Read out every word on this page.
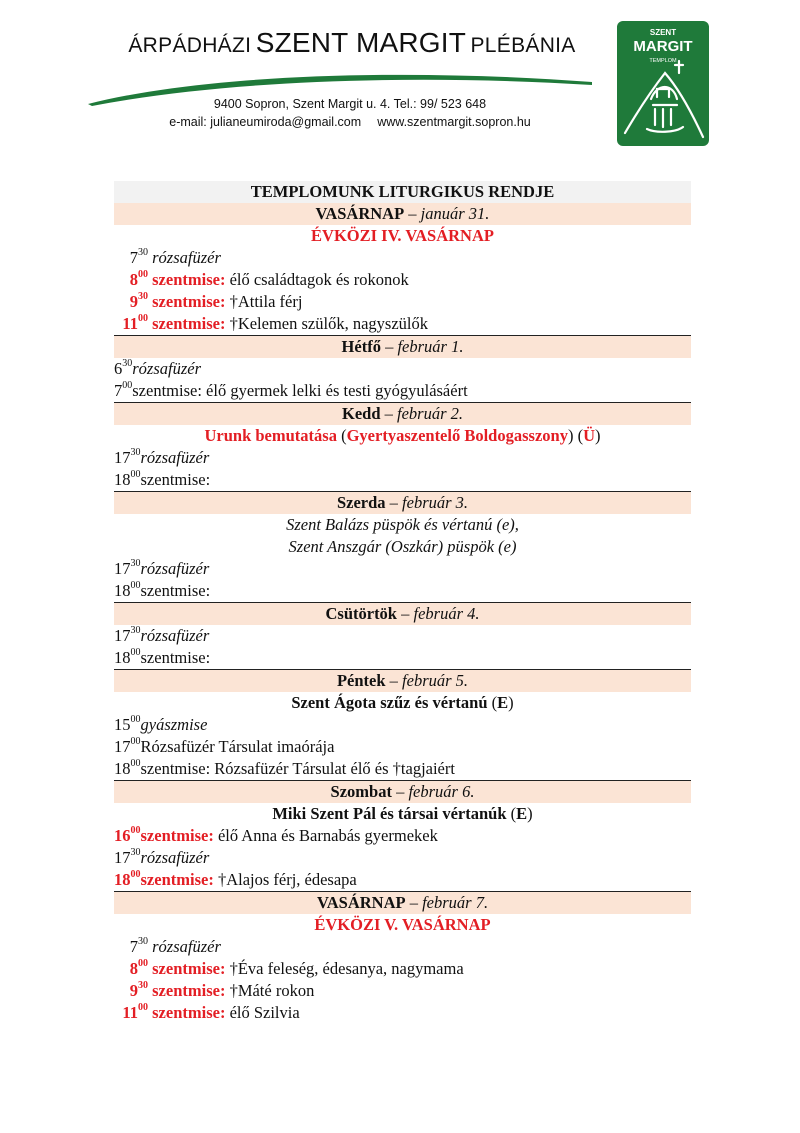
ÁRPÁDHÁZI SZENT MARGIT PLÉBÁNIA
9400 Sopron, Szent Margit u. 4. Tel.: 99/ 523 648
e-mail: julianeumiroda@gmail.com www.szentmargit.sopron.hu
SZENT
MARGIT
TEMPLOM
TEMPLOMUNK LITURGIKUS RENDJE
VASÁRNAP – január 31.
ÉVKÖZI IV. VASÁRNAP
$7^{30}$ rózsafüzér
$8^{00}$ szentmise: élő családtagok és rokonok
$9^{30}$ szentmise: †Attila férj
$11^{00}$ szentmise: †Kelemen szülők, nagyszülők
Hétfő – február 1.
$6^{30}rózsafüzér$
$7^{00}szentmise$: élő gyermek lelki és testi gyógyulásáért
Kedd – február 2.
Urunk bemutatása (Gyertyaszentelő Boldogasszony) (Ü)
$17^{30}rózsafüzér$
$18^{00}szentmise$:
Szerda – február 3.
Szent Balázs püspök és vértanú (e),
Szent Anszgár (Oszkár) püspök (e)
$17^{30}rózsafüzér$
$18^{00}szentmise$:
Csütörtök – február 4.
$17^{30}rózsafüzér$
$18^{00}szentmise$:
Péntek – február 5.
Szent Ágota szűz és vértanú (E)
$15^{00}gyászmise$
$17^{00}Rózsafüzér$ Társulat imaórája
$18^{00}szentmise$: Rózsafüzér Társulat élő és †tagjaiért
Szombat – február 6.
Miki Szent Pál és társai vértanúk (E)
$16^{00}szentmise$: élő Anna és Barnabás gyermekek
$17^{30}rózsafüzér$
$18^{00}szentmise$: †Alajos férj, édesapa
VASÁRNAP – február 7.
ÉVKÖZI V. VASÁRNAP
$7^{30}$ rózsafüzér
$8^{00}$ szentmise: †Éva feleség, édesanya, nagymama
$9^{30}$ szentmise: †Máté rokon
$11^{00}$ szentmise: élő Szilvia
